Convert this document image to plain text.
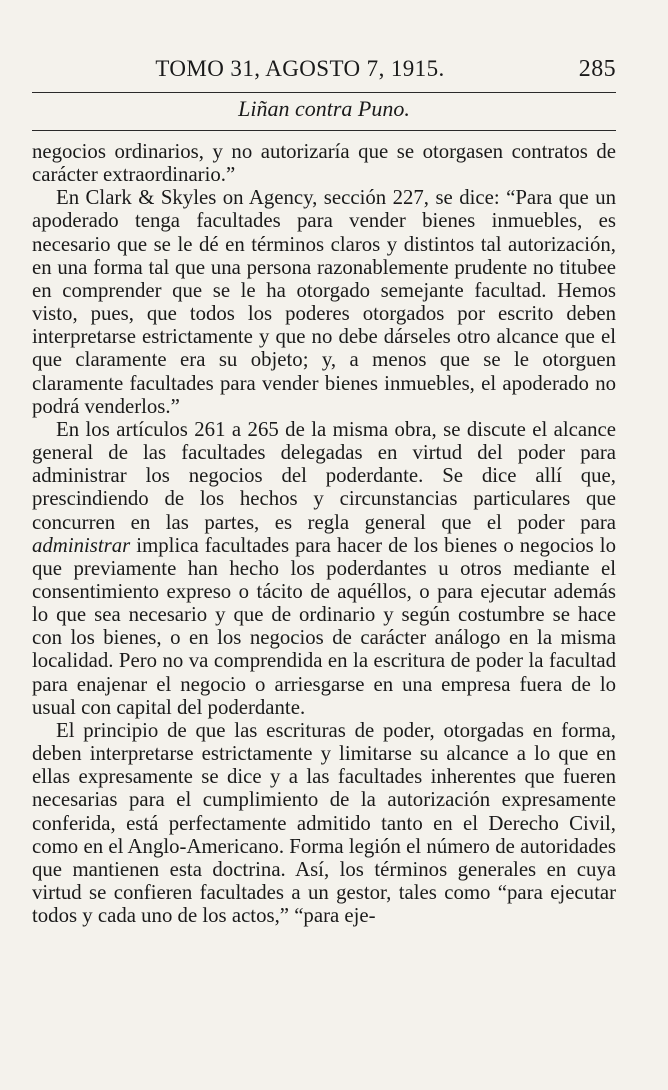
TOMO 31, AGOSTO 7, 1915.	285
Liñan contra Puno.

negocios ordinarios, y no autorizaría que se otorgasen contratos de carácter extraordinario.”

En Clark & Skyles on Agency, sección 227, se dice: “Para que un apoderado tenga facultades para vender bienes inmuebles, es necesario que se le dé en términos claros y distintos tal autorización, en una forma tal que una persona razonablemente prudente no titubee en comprender que se le ha otorgado semejante facultad. Hemos visto, pues, que todos los poderes otorgados por escrito deben interpretarse estrictamente y que no debe dárseles otro alcance que el que claramente era su objeto; y, a menos que se le otorguen claramente facultades para vender bienes inmuebles, el apoderado no podrá venderlos.”

En los artículos 261 a 265 de la misma obra, se discute el alcance general de las facultades delegadas en virtud del poder para administrar los negocios del poderdante. Se dice allí que, prescindiendo de los hechos y circunstancias particulares que concurren en las partes, es regla general que el poder para administrar implica facultades para hacer de los bienes o negocios lo que previamente han hecho los poderdantes u otros mediante el consentimiento expreso o tácito de aquéllos, o para ejecutar además lo que sea necesario y que de ordinario y según costumbre se hace con los bienes, o en los negocios de carácter análogo en la misma localidad. Pero no va comprendida en la escritura de poder la facultad para enajenar el negocio o arriesgarse en una empresa fuera de lo usual con capital del poderdante.

El principio de que las escrituras de poder, otorgadas en forma, deben interpretarse estrictamente y limitarse su alcance a lo que en ellas expresamente se dice y a las facultades inherentes que fueren necesarias para el cumplimiento de la autorización expresamente conferida, está perfectamente admitido tanto en el Derecho Civil, como en el Anglo-Americano. Forma legión el número de autoridades que mantienen esta doctrina. Así, los términos generales en cuya virtud se confieren facultades a un gestor, tales como “para ejecutar todos y cada uno de los actos,” “para eje-
